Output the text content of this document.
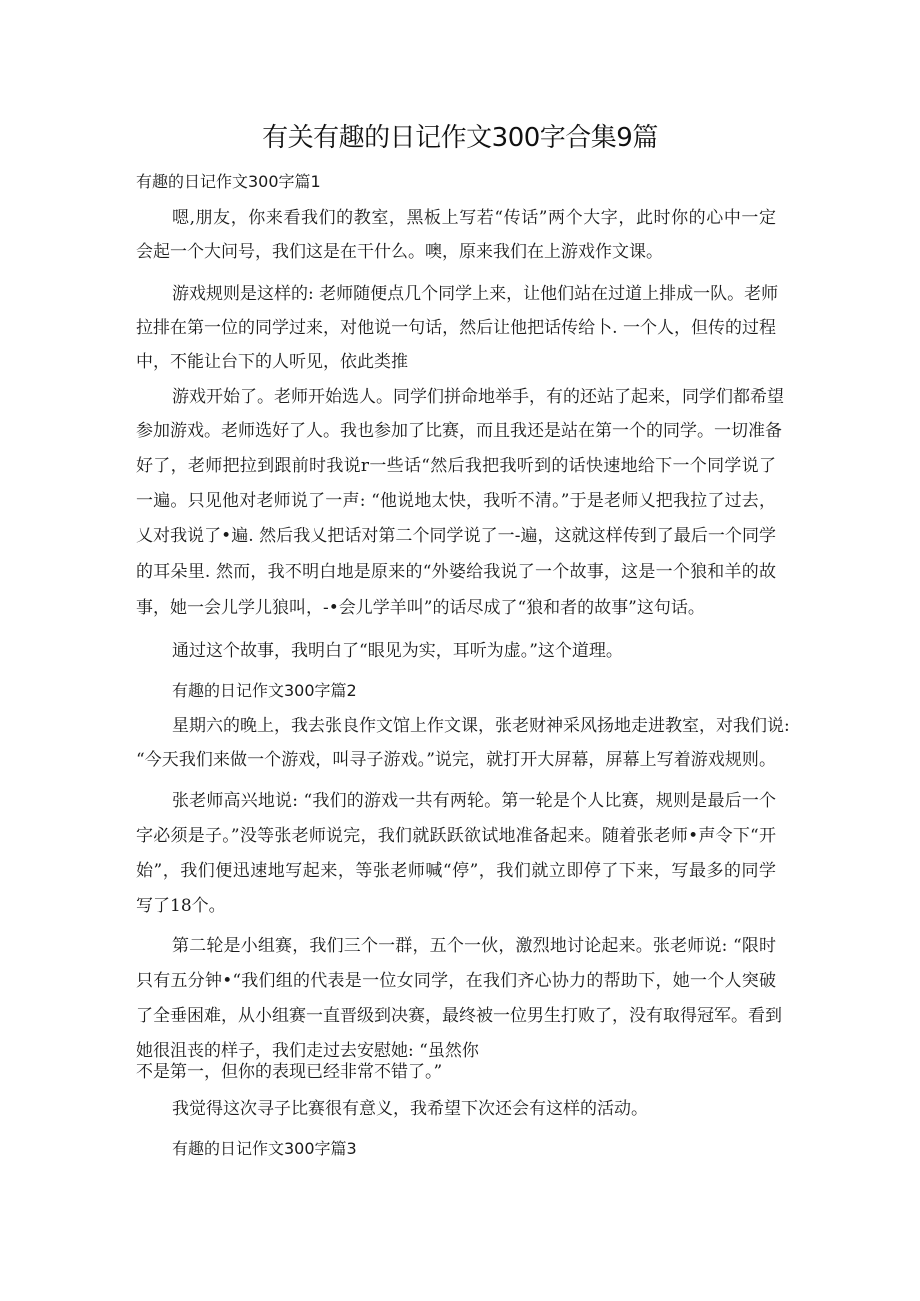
有关有趣的日记作文300字合集9篇
有趣的日记作文300字篇1
嗯,朋友，你来看我们的教室，黑板上写若“传话”两个大字，此时你的心中一定
会起一个大问号，我们这是在干什么。噢，原来我们在上游戏作文课。
游戏规则是这样的: 老师随便点几个同学上来，让他们站在过道上排成一队。老师
拉排在第一位的同学过来，对他说一句话，然后让他把话传给卜. 一个人，但传的过程
中，不能让台下的人听见，依此类推
游戏开始了。老师开始选人。同学们拼命地举手，有的还站了起来，同学们都希望
参加游戏。老师选好了人。我也参加了比赛，而且我还是站在第一个的同学。一切准备
好了，老师把拉到跟前时我说r一些话“然后我把我听到的话快速地给下一个同学说了
一遍。只见他对老师说了一声: “他说地太快，我听不清。”于是老师乂把我拉了过去，
乂对我说了•遍. 然后我乂把话对第二个同学说了一-遍，这就这样传到了最后一个同学
的耳朵里. 然而，我不明白地是原来的“外婆给我说了一个故事，这是一个狼和羊的故
事，她一会儿学儿狼叫，-•会儿学羊叫”的话尽成了“狼和者的故事”这句话。
通过这个故事，我明白了“眼见为实，耳听为虚。”这个道理。
有趣的日记作文300字篇2
星期六的晚上，我去张良作文馆上作文课，张老财神采风扬地走进教室，对我们说:
“今天我们来做一个游戏，叫寻子游戏。”说完，就打开大屏幕，屏幕上写着游戏规则。
张老师高兴地说: “我们的游戏一共有两轮。第一轮是个人比赛，规则是最后一个
字必须是子。”没等张老师说完，我们就跃跃欲试地准备起来。随着张老师•声令下“开
始”，我们便迅速地写起来，等张老师喊“停”，我们就立即停了下来，写最多的同学
写了18个。
第二轮是小组赛，我们三个一群，五个一伙，激烈地讨论起来。张老师说: “限时
只有五分钟•“我们组的代表是一位女同学，在我们齐心协力的帮助下，她一个人突破
了全垂困难，从小组赛一直晋级到决赛，最终被一位男生打败了，没有取得冠军。看到
她很沮丧的样子，我们走过去安慰她: “虽然你
不是第一，但你的表现已经非常不错了。”
我觉得这次寻子比赛很有意义，我希望下次还会有这样的活动。
有趣的日记作文300字篇3
